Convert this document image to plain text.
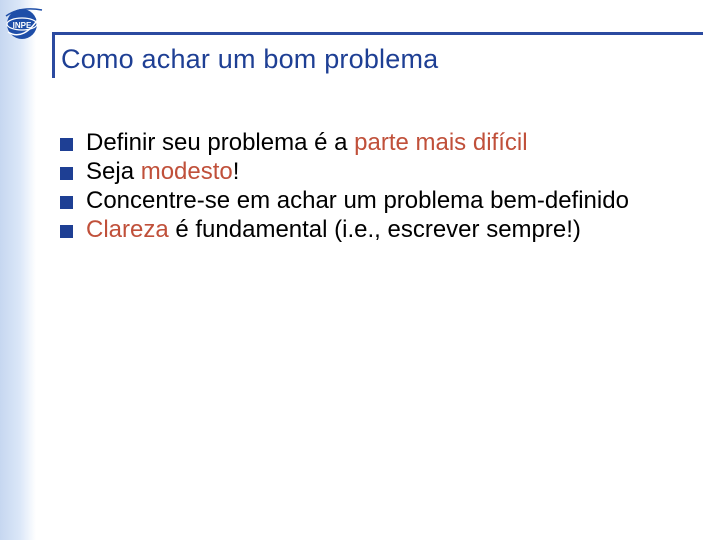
INPE
Como achar um bom problema
Definir seu problema é a parte mais difícil
Seja modesto!
Concentre-se em achar um problema bem-definido
Clareza é fundamental (i.e., escrever sempre!)
